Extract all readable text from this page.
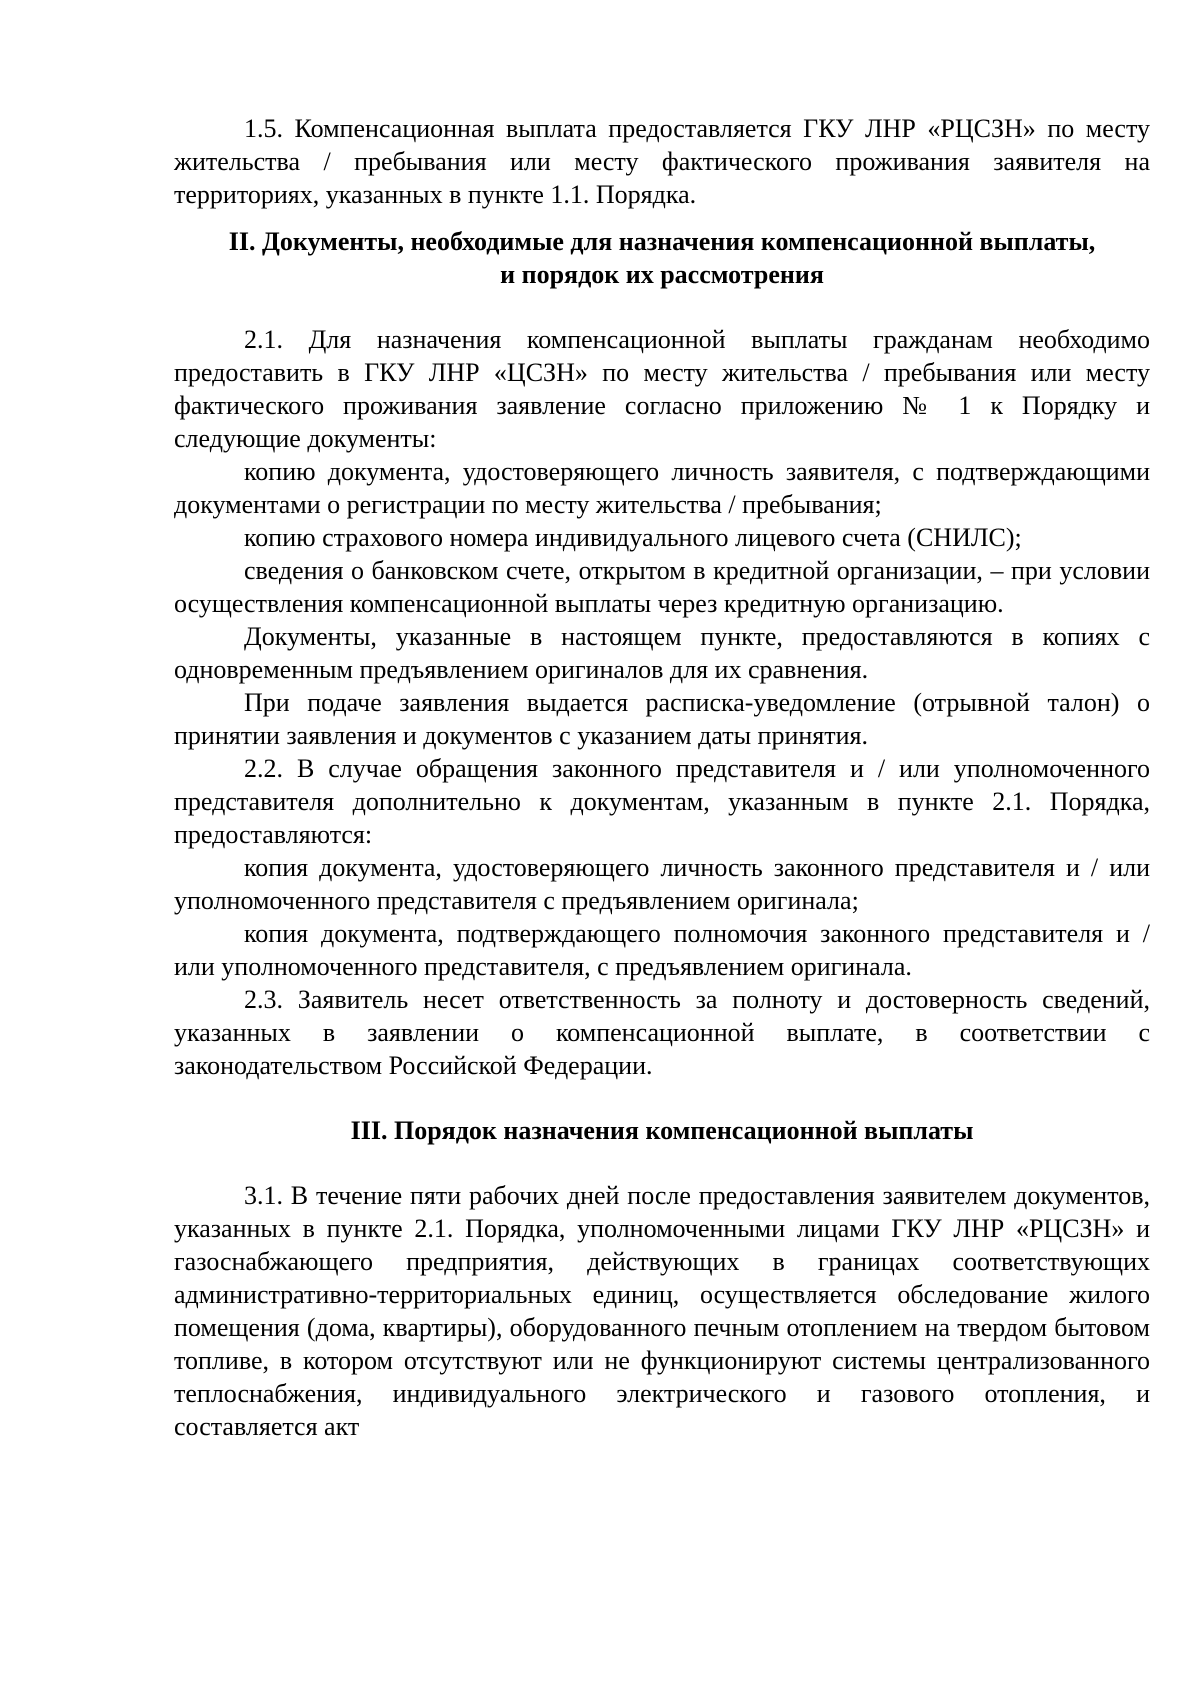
1.5. Компенсационная выплата предоставляется ГКУ ЛНР «РЦСЗН» по месту жительства / пребывания или месту фактического проживания заявителя на территориях, указанных в пункте 1.1. Порядка.

II. Документы, необходимые для назначения компенсационной выплаты,
и порядок их рассмотрения

2.1. Для назначения компенсационной выплаты гражданам необходимо предоставить в ГКУ ЛНР «ЦСЗН» по месту жительства / пребывания или месту фактического проживания заявление согласно приложению № 1 к Порядку и следующие документы:

копию документа, удостоверяющего личность заявителя, с подтверждающими документами о регистрации по месту жительства / пребывания;

копию страхового номера индивидуального лицевого счета (СНИЛС);

сведения о банковском счете, открытом в кредитной организации, – при условии осуществления компенсационной выплаты через кредитную организацию.

Документы, указанные в настоящем пункте, предоставляются в копиях с одновременным предъявлением оригиналов для их сравнения.

При подаче заявления выдается расписка-уведомление (отрывной талон) о принятии заявления и документов с указанием даты принятия.

2.2. В случае обращения законного представителя и / или уполномоченного представителя дополнительно к документам, указанным в пункте 2.1. Порядка, предоставляются:

копия документа, удостоверяющего личность законного представителя и / или уполномоченного представителя с предъявлением оригинала;

копия документа, подтверждающего полномочия законного представителя и / или уполномоченного представителя, с предъявлением оригинала.

2.3. Заявитель несет ответственность за полноту и достоверность сведений, указанных в заявлении о компенсационной выплате, в соответствии с законодательством Российской Федерации.

III. Порядок назначения компенсационной выплаты

3.1. В течение пяти рабочих дней после предоставления заявителем документов, указанных в пункте 2.1. Порядка, уполномоченными лицами ГКУ ЛНР «РЦСЗН» и газоснабжающего предприятия, действующих в границах соответствующих административно-территориальных единиц, осуществляется обследование жилого помещения (дома, квартиры), оборудованного печным отоплением на твердом бытовом топливе, в котором отсутствуют или не функционируют системы централизованного теплоснабжения, индивидуального электрического и газового отопления, и составляется акт
